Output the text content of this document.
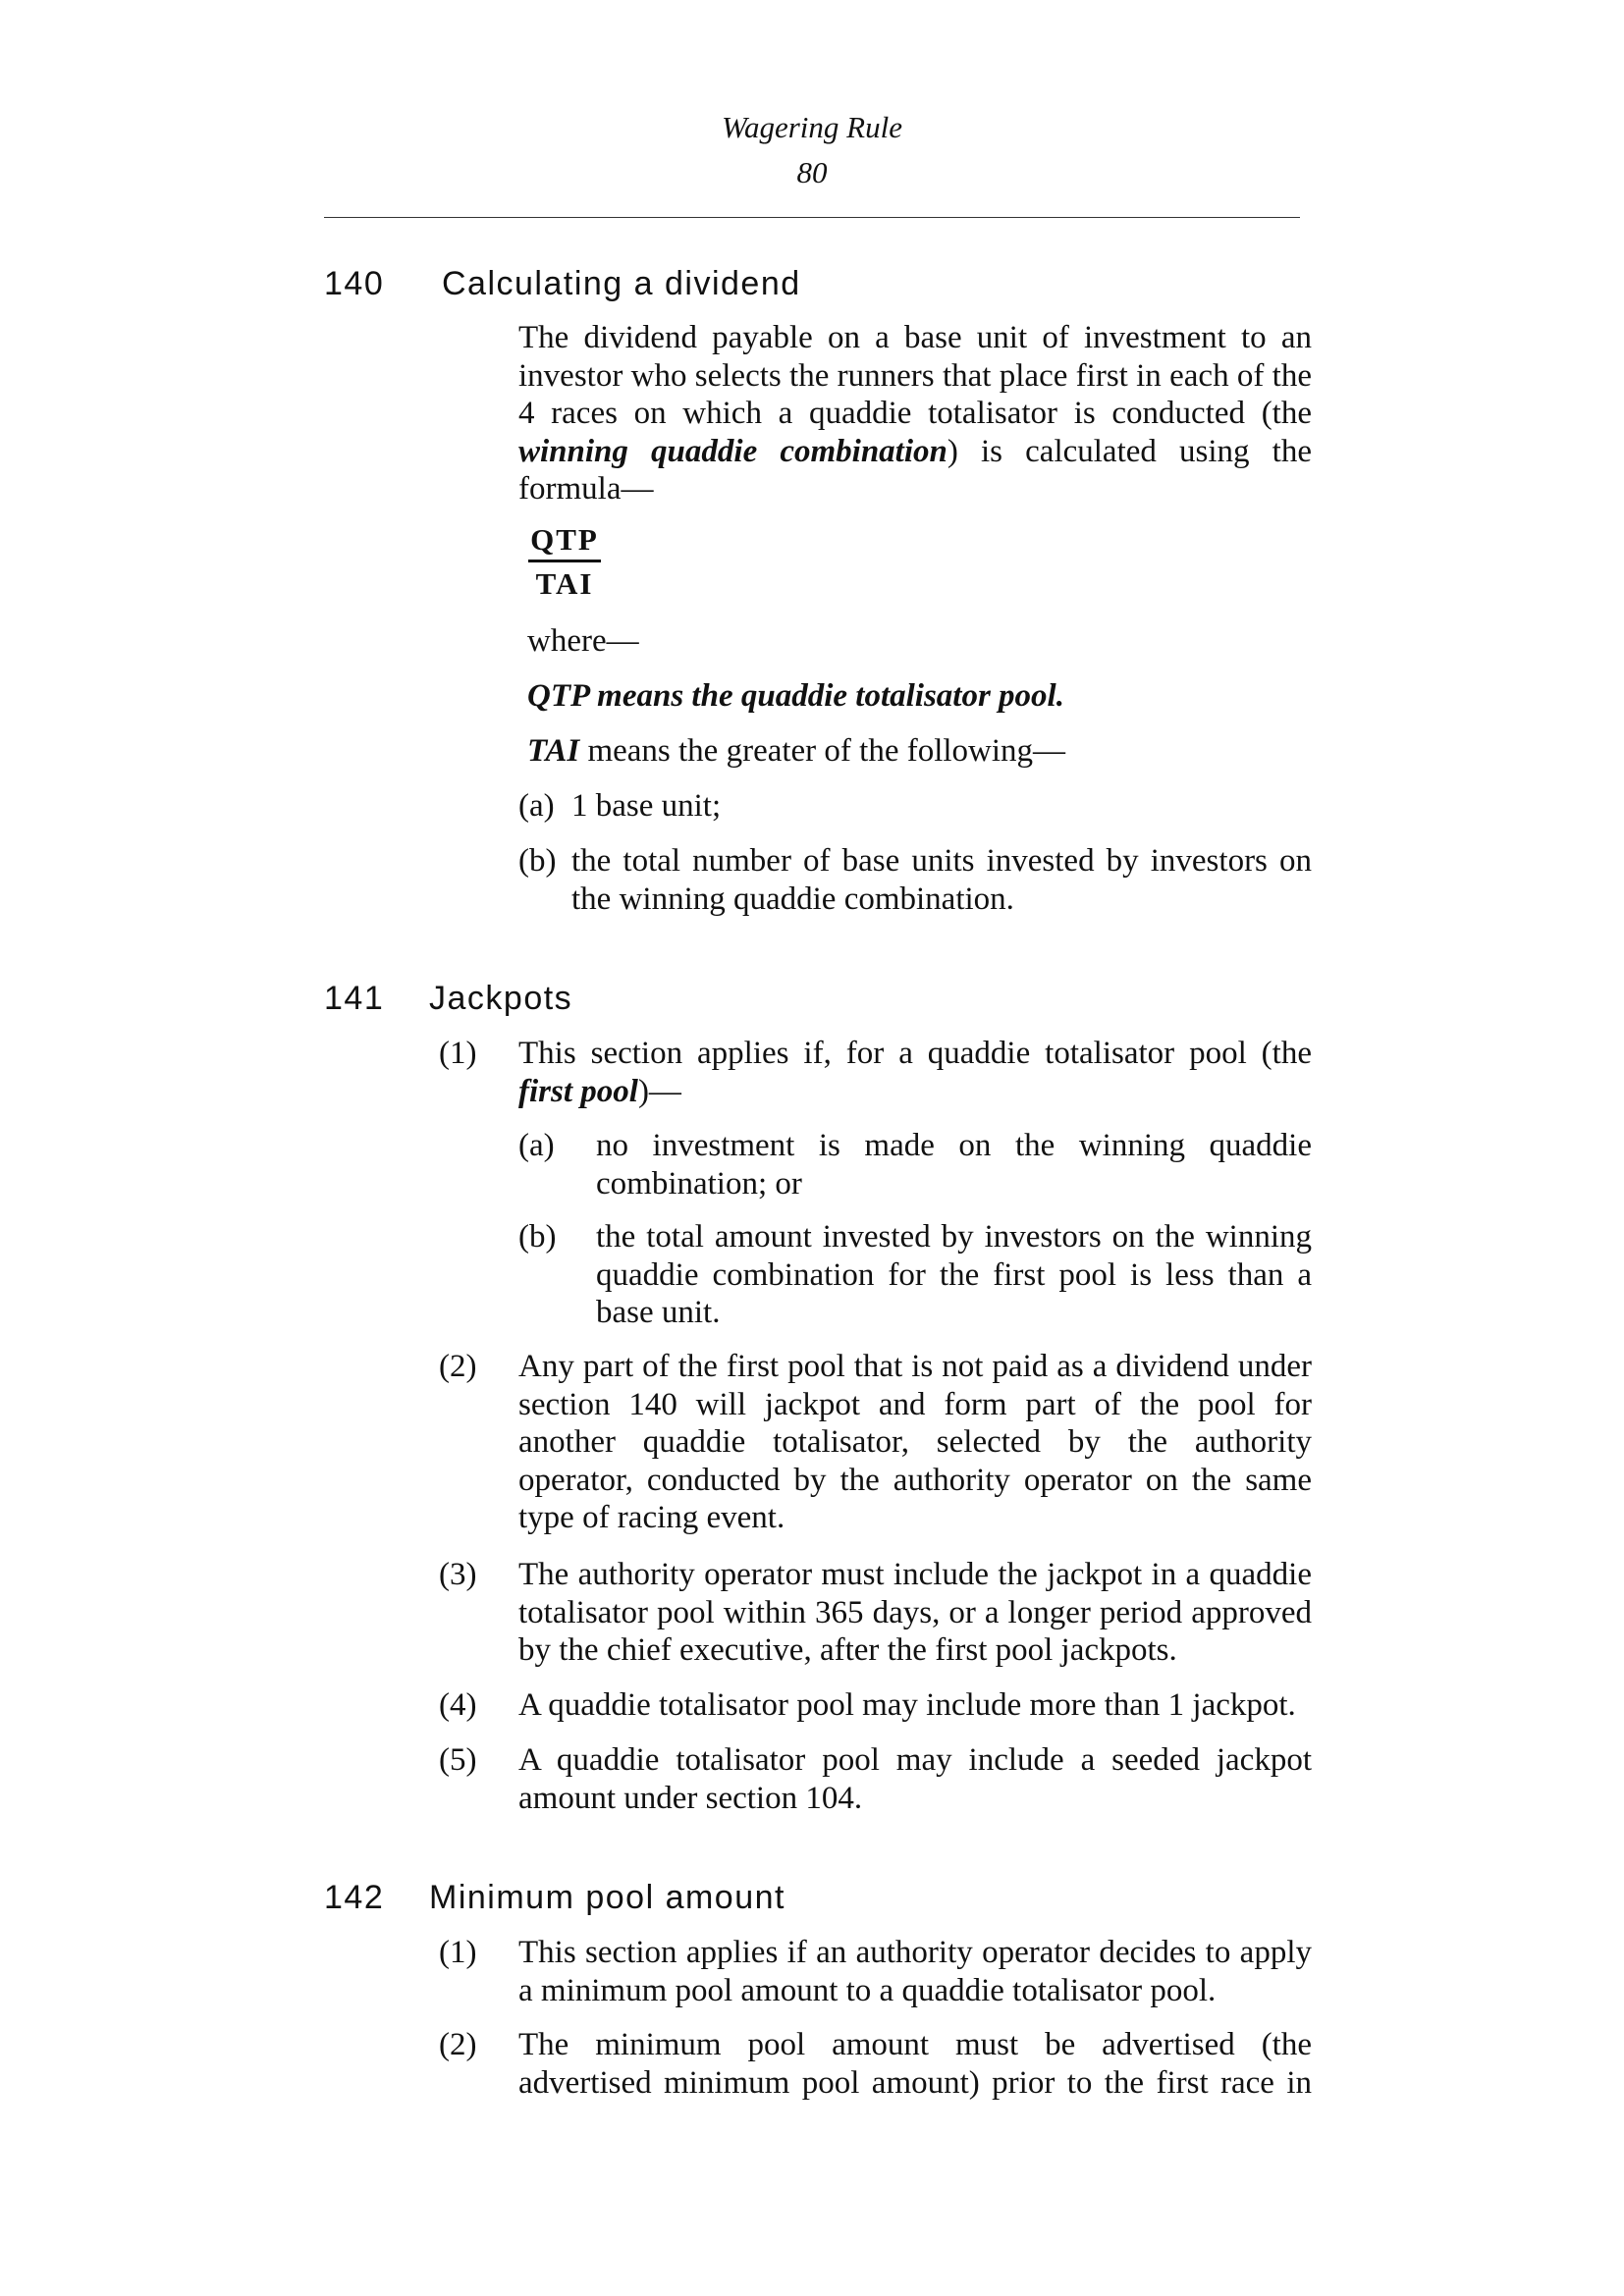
Wagering Rule
80
140 Calculating a dividend
The dividend payable on a base unit of investment to an investor who selects the runners that place first in each of the 4 races on which a quaddie totalisator is conducted (the winning quaddie combination) is calculated using the formula—
QTP
TAI
where—
QTP means the quaddie totalisator pool.
TAI means the greater of the following—
(a) 1 base unit;
(b) the total number of base units invested by investors on the winning quaddie combination.
141 Jackpots
(1) This section applies if, for a quaddie totalisator pool (the first pool)—
(a) no investment is made on the winning quaddie combination; or
(b) the total amount invested by investors on the winning quaddie combination for the first pool is less than a base unit.
(2) Any part of the first pool that is not paid as a dividend under section 140 will jackpot and form part of the pool for another quaddie totalisator, selected by the authority operator, conducted by the authority operator on the same type of racing event.
(3) The authority operator must include the jackpot in a quaddie totalisator pool within 365 days, or a longer period approved by the chief executive, after the first pool jackpots.
(4) A quaddie totalisator pool may include more than 1 jackpot.
(5) A quaddie totalisator pool may include a seeded jackpot amount under section 104.
142 Minimum pool amount
(1) This section applies if an authority operator decides to apply a minimum pool amount to a quaddie totalisator pool.
(2) The minimum pool amount must be advertised (the advertised minimum pool amount) prior to the first race in
